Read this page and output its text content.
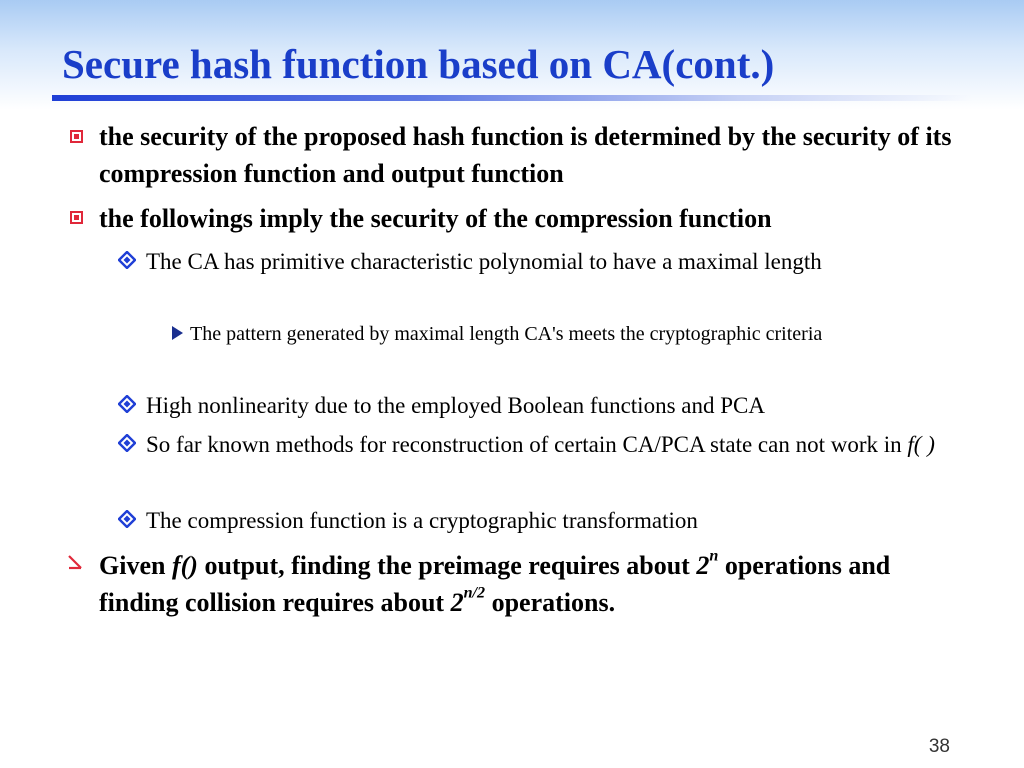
Secure hash function based on CA(cont.)
the security of the proposed hash function is determined by the security of its compression function and output function
the followings imply the security of the compression function
The CA has primitive characteristic polynomial to have a maximal length
The pattern generated by maximal length CA's meets the cryptographic criteria
High nonlinearity due to the employed Boolean functions and PCA
So far known methods for reconstruction of certain CA/PCA state can not work in f( )
The compression function is a cryptographic transformation
Given f() output, finding the preimage requires about 2$^n$ operations and finding collision requires about $2^{n/2}$ operations.
38
